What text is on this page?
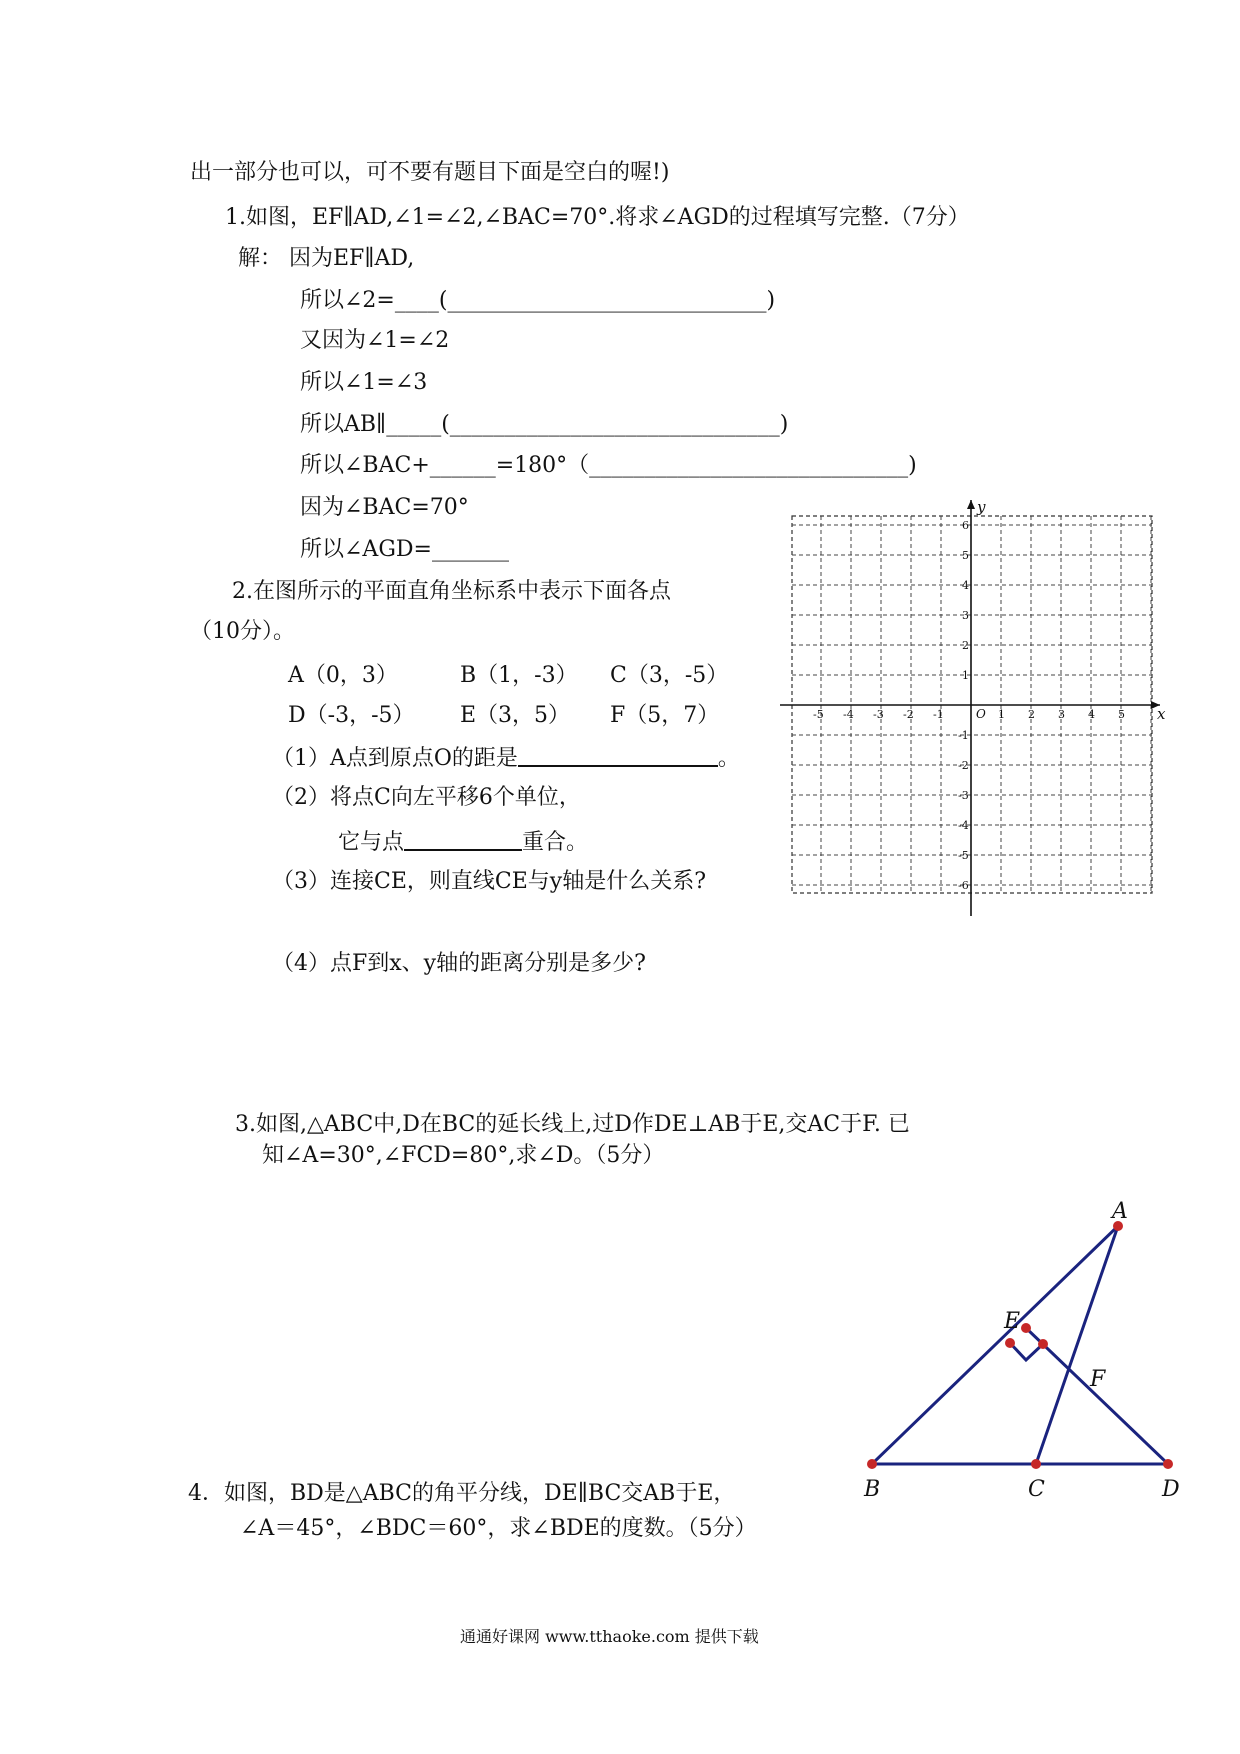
出一部分也可以，可不要有题目下面是空白的喔!)
1.如图，EF∥AD,∠1=∠2,∠BAC=70°.将求∠AGD的过程填写完整.（7分）
解： 因为EF∥AD,
所以∠2=____(_____________________________)
又因为∠1=∠2
所以∠1=∠3
所以AB∥_____(______________________________)
所以∠BAC+______=180°（_____________________________)
因为∠BAC=70°
所以∠AGD=_______
2.在图所示的平面直角坐标系中表示下面各点
（10分）。
A（0，3）	B（1，-3） C（3，-5）
D（-3，-5） E（3，5） F（5，7）
（1）A点到原点O的距是	。
（2）将点C向左平移6个单位，
它与点	重合。
（3）连接CE，则直线CE与y轴是什么关系?
（4）点F到x、y轴的距离分别是多少?
x
y
O
-5 -4 -3 -2 -1	1 2 3 4 5
6
5
4
3
2
1
-1
-2
-3
-4
-5
-6
3.如图,△ABC中,D在BC的延长线上,过D作DE⊥AB于E,交AC于F. 已
知∠A=30°,∠FCD=80°,求∠D。（5分）
A
B	C	D
E
F
4．如图，BD是△ABC的角平分线，DE∥BC交AB于E，
∠A＝45°，∠BDC＝60°，求∠BDE的度数。（5分）
通通好课网 www.tthaoke.com 提供下载
